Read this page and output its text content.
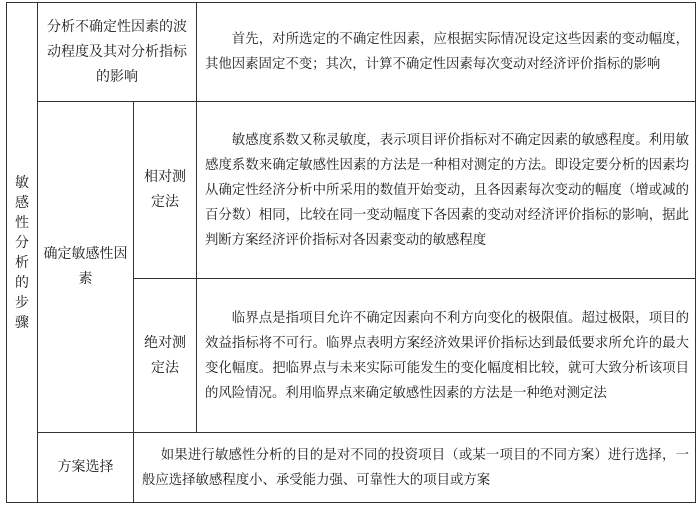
敏感性分析的步骤	分析不确定性因素的波动程度及其对分析指标的影响		首先，对所选定的不确定性因素，应根据实际情况设定这些因素的变动幅度，其他因素固定不变；其次，计算不确定性因素每次变动对经济评价指标的影响
	确定敏感性因素	相对测定法	敏感度系数又称灵敏度，表示项目评价指标对不确定因素的敏感程度。利用敏感度系数来确定敏感性因素的方法是一种相对测定的方法。即设定要分析的因素均从确定性经济分析中所采用的数值开始变动，且各因素每次变动的幅度（增或减的百分数）相同，比较在同一变动幅度下各因素的变动对经济评价指标的影响，据此判断方案经济评价指标对各因素变动的敏感程度
		绝对测定法	临界点是指项目允许不确定因素向不利方向变化的极限值。超过极限，项目的效益指标将不可行。临界点表明方案经济效果评价指标达到最低要求所允许的最大变化幅度。把临界点与未来实际可能发生的变化幅度相比较，就可大致分析该项目的风险情况。利用临界点来确定敏感性因素的方法是一种绝对测定法
	方案选择	如果进行敏感性分析的目的是对不同的投资项目（或某一项目的不同方案）进行选择，一般应选择敏感程度小、承受能力强、可靠性大的项目或方案	
